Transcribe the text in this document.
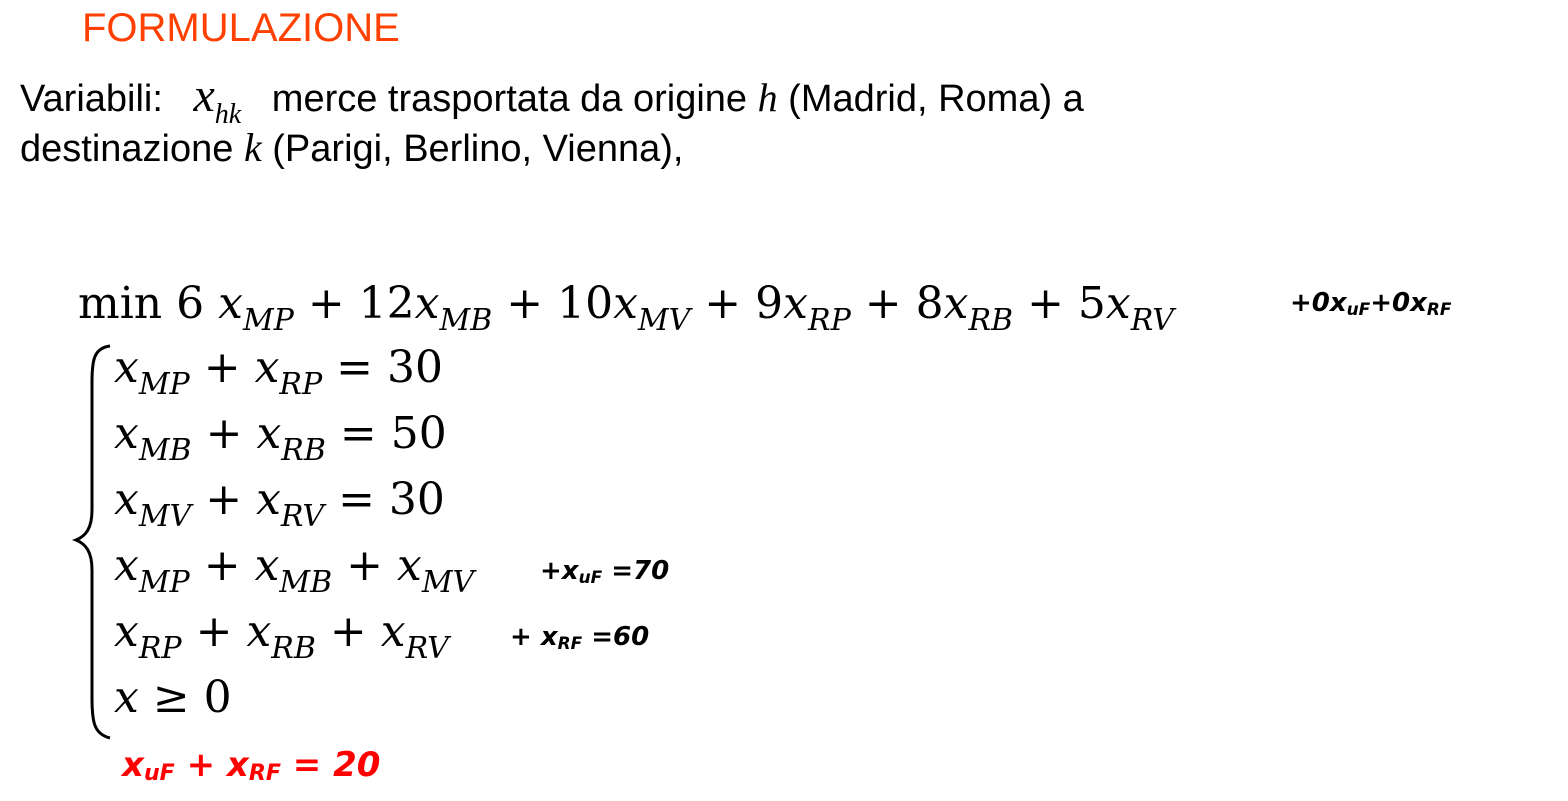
FORMULAZIONE
Variabili: $x_{hk}$ merce trasportata da origine h (Madrid, Roma) a
destinazione k (Parigi, Berlino, Vienna),
min 6 $x_{MP} + 12x_{MB} + 10x_{MV} + 9x_{RP} + 8x_{RB} + 5x_{RV}$	$+0x_{uF}+0x_{RF}$
$x_{MP} + x_{RP} = 30$
$x_{MB} + x_{RB} = 50$
$x_{MV} + x_{RV} = 30$
$x_{MP} + x_{MB} + x_{MV}$	$+x_{uF} =70$
$x_{RP} + x_{RB} + x_{RV} + x_{RF} =60$
x ≥ 0
$x_{uF} + x_{RF} = 20$
